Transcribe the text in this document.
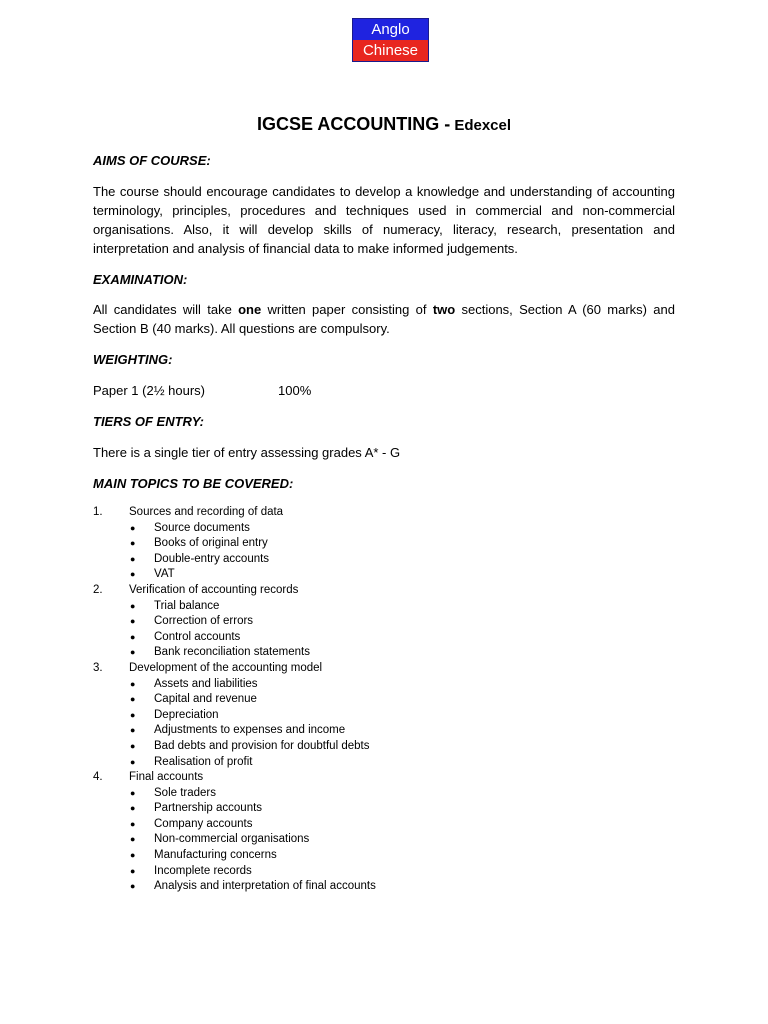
Anglo
Chinese
IGCSE ACCOUNTING - Edexcel
AIMS OF COURSE:
The course should encourage candidates to develop a knowledge and understanding of accounting terminology, principles, procedures and techniques used in commercial and non-commercial organisations. Also, it will develop skills of numeracy, literacy, research, presentation and interpretation and analysis of financial data to make informed judgements.
EXAMINATION:
All candidates will take one written paper consisting of two sections, Section A (60 marks) and Section B (40 marks). All questions are compulsory.
WEIGHTING:
Paper 1 (2½ hours)	100%
TIERS OF ENTRY:
There is a single tier of entry assessing grades A* - G
MAIN TOPICS TO BE COVERED:
1. Sources and recording of data
● Source documents
● Books of original entry
● Double-entry accounts
● VAT
2. Verification of accounting records
● Trial balance
● Correction of errors
● Control accounts
● Bank reconciliation statements
3. Development of the accounting model
● Assets and liabilities
● Capital and revenue
● Depreciation
● Adjustments to expenses and income
● Bad debts and provision for doubtful debts
● Realisation of profit
4. Final accounts
● Sole traders
● Partnership accounts
● Company accounts
● Non-commercial organisations
● Manufacturing concerns
● Incomplete records
● Analysis and interpretation of final accounts
